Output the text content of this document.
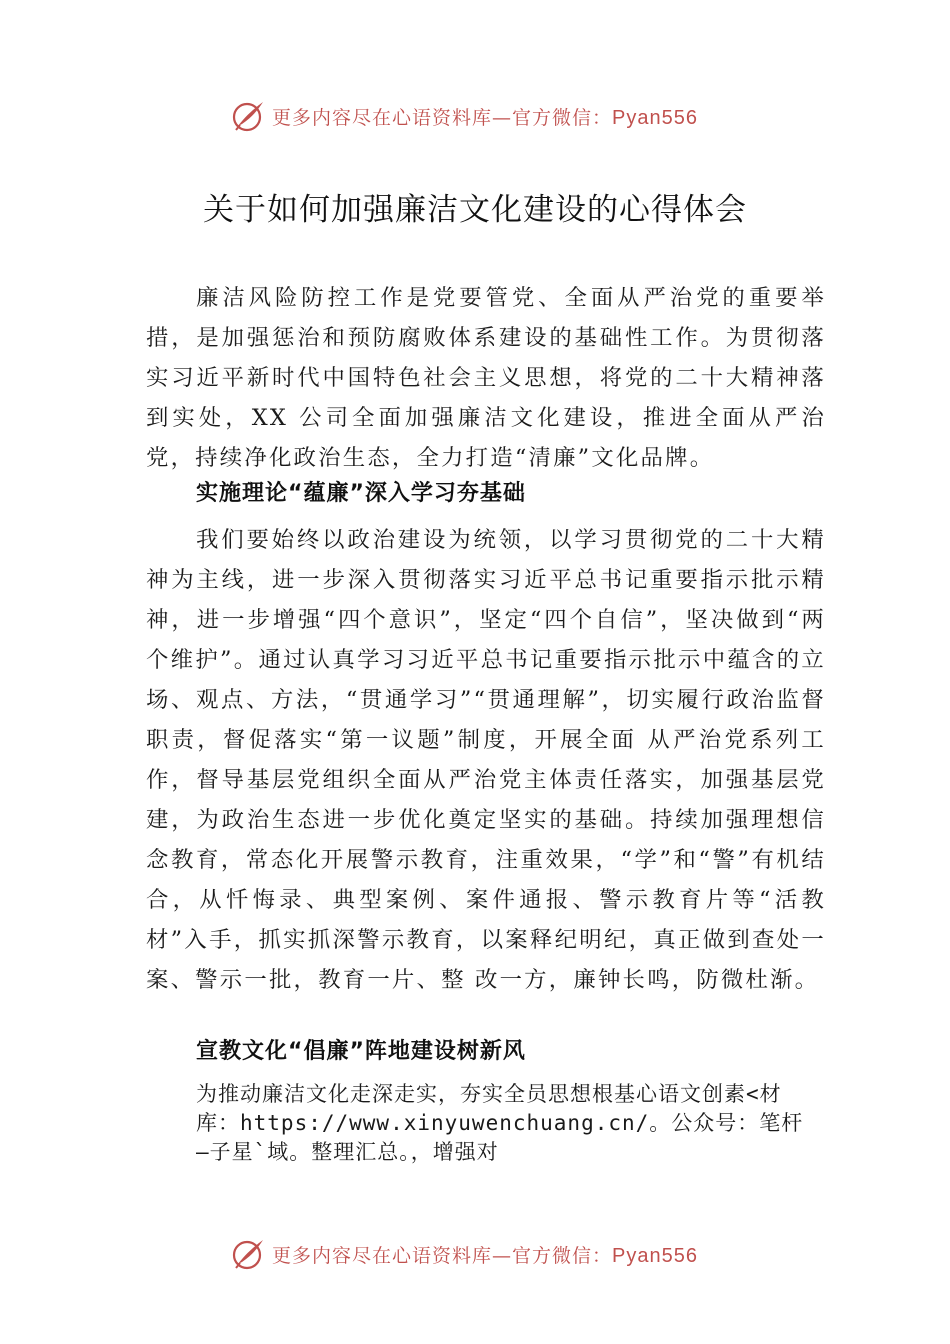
更多内容尽在心语资料库—官方微信：Pyan556
关于如何加强廉洁文化建设的心得体会

廉洁风险防控工作是党要管党、全面从严治党的重要举措，是加强惩治和预防腐败体系建设的基础性工作。为贯彻落实习近平新时代中国特色社会主义思想，将党的二十大精神落到实处，XX 公司全面加强廉洁文化建设，推进全面从严治党，持续净化政治生态，全力打造“清廉”文化品牌。

实施理论“蕴廉”深入学习夯基础

我们要始终以政治建设为统领，以学习贯彻党的二十大精神为主线，进一步深入贯彻落实习近平总书记重要指示批示精神，进一步增强“四个意识”，坚定“四个自信”，坚决做到“两个维护”。通过认真学习习近平总书记重要指示批示中蕴含的立场、观点、方法，“贯通学习”“贯通理解”，切实履行政治监督职责，督促落实“第一议题”制度，开展全面 从严治党系列工作，督导基层党组织全面从严治党主体责任落实，加强基层党建，为政治生态进一步优化奠定坚实的基础。持续加强理想信念教育，常态化开展警示教育，注重效果，“学”和“警”有机结合，从忏悔录、典型案例、案件通报、警示教育片等“活教材”入手，抓实抓深警示教育，以案释纪明纪，真正做到查处一案、警示一批，教育一片、整 改一方，廉钟长鸣，防微杜渐。

宣教文化“倡廉”阵地建设树新风

为推动廉洁文化走深走实，夯实全员思想根基心语文创素<材库：https://www.xinyuwenchuang.cn/。公众号：笔杆—子星`域。整理汇总。，增强对

更多内容尽在心语资料库—官方微信：Pyan556
